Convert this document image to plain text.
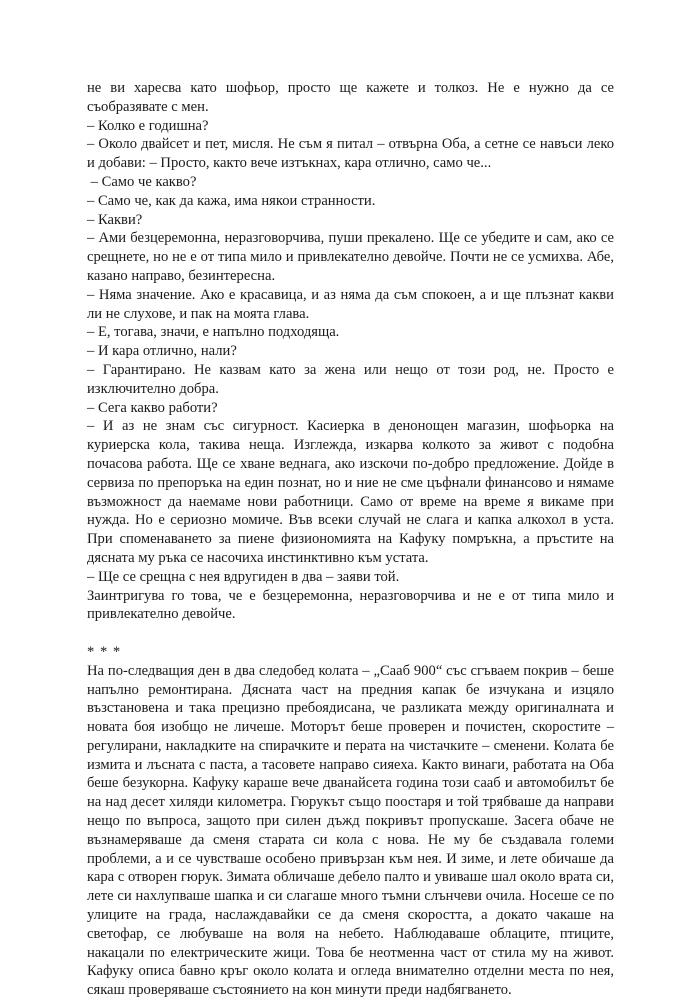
не ви харесва като шофьор, просто ще кажете и толкоз. Не е нужно да се съобразявате с мен.

– Колко е годишна?

– Около двайсет и пет, мисля. Не съм я питал – отвърна Оба, а сетне се навъси леко и добави: – Просто, както вече изтъкнах, кара отлично, само че...

– Само че какво?

– Само че, как да кажа, има някои странности.

– Какви?

– Ами безцеремонна, неразговорчива, пуши прекалено. Ще се убедите и сам, ако се срещнете, но не е от типа мило и привлекателно девойче. Почти не се усмихва. Абе, казано направо, безинтересна.

– Няма значение. Ако е красавица, и аз няма да съм спокоен, а и ще плъзнат какви ли не слухове, и пак на моята глава.

– Е, тогава, значи, е напълно подходяща.

– И кара отлично, нали?

– Гарантирано. Не казвам като за жена или нещо от този род, не. Просто е изключително добра.

– Сега какво работи?

– И аз не знам със сигурност. Касиерка в денонощен магазин, шофьорка на куриерска кола, такива неща. Изглежда, изкарва колкото за живот с подобна почасова работа. Ще се хване веднага, ако изскочи по-добро предложение. Дойде в сервиза по препоръка на един познат, но и ние не сме цъфнали финансово и нямаме възможност да наемаме нови работници. Само от време на време я викаме при нужда. Но е сериозно момиче. Във всеки случай не слага и капка алкохол в уста. При споменаването за пиене физиономията на Кафуку помръкна, а пръстите на дясната му ръка се насочиха инстинктивно към устата.

– Ще се срещна с нея вдругиден в два – заяви той.

Заинтригува го това, че е безцеремонна, неразговорчива и не е от типа мило и привлекателно девойче.

* * *

На по-следващия ден в два следобед колата – „Сааб 900“ със сгъваем покрив – беше напълно ремонтирана. Дясната част на предния капак бе изчукана и изцяло възстановена и така прецизно пребоядисана, че разликата между оригиналната и новата боя изобщо не личеше. Моторът беше проверен и почистен, скоростите – регулирани, накладките на спирачките и перата на чистачките – сменени. Колата бе измита и лъсната с паста, а тасовете направо сияеха. Както винаги, работата на Оба беше безукорна. Кафуку караше вече дванайсета година този сааб и автомобилът бе на над десет хиляди километра. Гюрукът също поостаря и той трябваше да направи нещо по въпроса, защото при силен дъжд покривът пропускаше. Засега обаче не възнамеряваше да сменя старата си кола с нова. Не му бе създавала големи проблеми, а и се чувстваше особено привързан към нея. И зиме, и лете обичаше да кара с отворен гюрук. Зимата обличаше дебело палто и увиваше шал около врата си, лете си нахлупваше шапка и си слагаше много тъмни слънчеви очила. Носеше се по улиците на града, наслаждавайки се да сменя скоростта, а докато чакаше на светофар, се любуваше на воля на небето. Наблюдаваше облаците, птиците, накацали по електрическите жици. Това бе неотменна част от стила му на живот. Кафуку описа бавно кръг около колата и огледа внимателно отделни места по нея, сякаш проверяваше състоянието на кон минути преди надбягването.
